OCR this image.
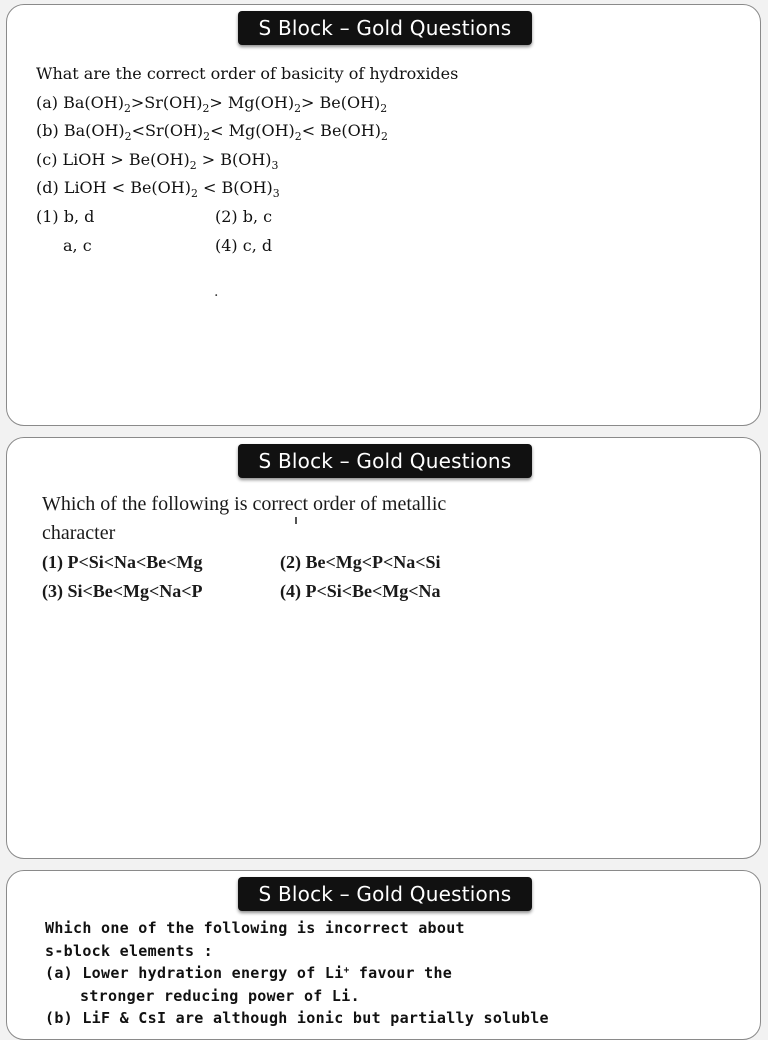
S Block – Gold Questions
What are the correct order of basicity of hydroxides
(a) $Ba(OH)_2>Sr(OH)_2> Mg(OH)_2> Be(OH)_2$
(b) $Ba(OH)_2<Sr(OH)_2< Mg(OH)_2< Be(OH)_2$
(c) LiOH > $Be(OH)_2 > B(OH)_3$
(d) LiOH < $Be(OH)_2 < B(OH)_3$
(1) b, d	(2) b, c
a, c	(4) c, d
.
S Block – Gold Questions
Which of the following is correct order of metallic
character
(1) P<Si<Na<Be<Mg	(2) Be<Mg<P<Na<Si
(3) Si<Be<Mg<Na<P	(4) P<Si<Be<Mg<Na
S Block – Gold Questions
Which one of the following is incorrect about
s-block elements :
(a) Lower hydration energy of Li+ favour the
stronger reducing power of Li.
(b) LiF & CsI are although ionic but partially soluble
